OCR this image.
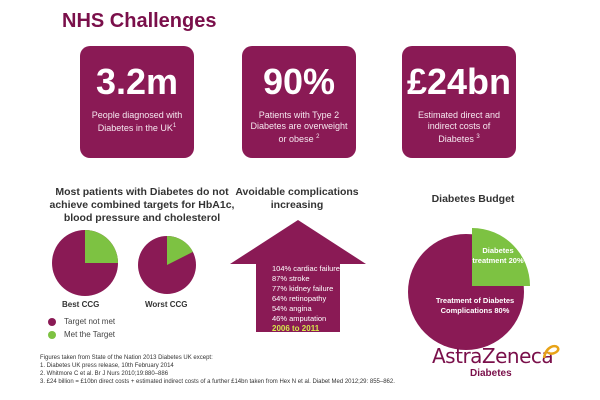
NHS Challenges
3.2m
People diagnosed with Diabetes in the $UK^1$
90%
Patients with Type 2 Diabetes are overweight or obese $^2$
£24bn
Estimated direct and indirect costs of Diabetes $^3$
Most patients with Diabetes do not achieve combined targets for HbA1c, blood pressure and cholesterol
Best CCG	Worst CCG
Target not met
Met the Target
Avoidable complications increasing
104% cardiac failure
87% stroke
77% kidney failure
64% retinopathy
54% angina
46% amputation
2006 to 2011
Diabetes Budget
Diabetes treatment 20%
Treatment of Diabetes Complications 80%
Figures taken from State of the Nation 2013 Diabetes UK except:
1. Diabetes UK press release, 10th February 2014
2. Whitmore C et al. Br J Nurs 2010;19:880–886
3. £24 billion = £10bn direct costs + estimated indirect costs of a further £14bn taken from Hex N et al. Diabet Med 2012;29: 855–862.
AstraZeneca
Diabetes
